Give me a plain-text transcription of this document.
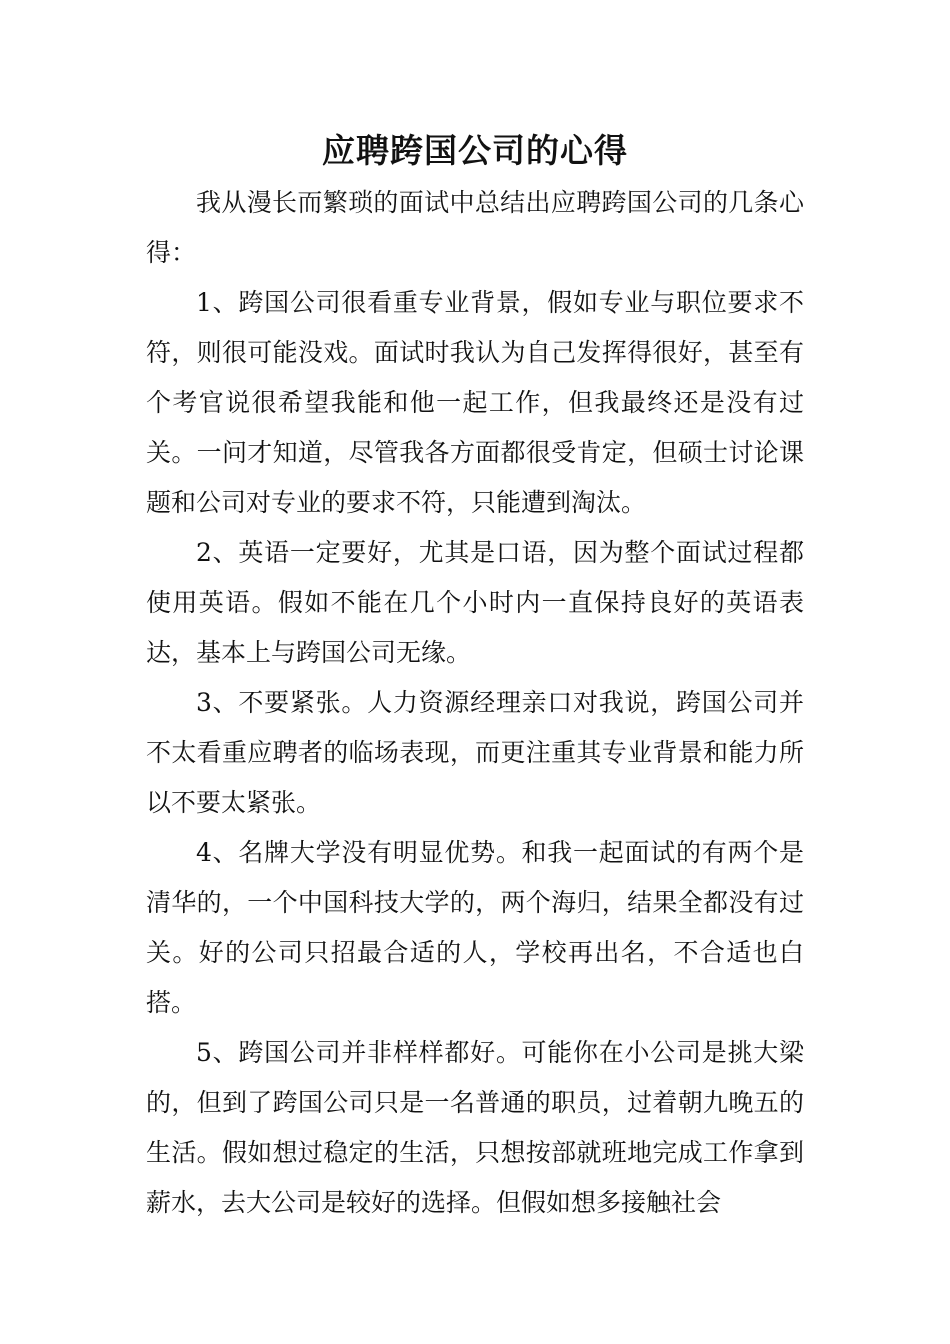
应聘跨国公司的心得

我从漫长而繁琐的面试中总结出应聘跨国公司的几条心得：

1、跨国公司很看重专业背景，假如专业与职位要求不符，则很可能没戏。面试时我认为自己发挥得很好，甚至有个考官说很希望我能和他一起工作，但我最终还是没有过关。一问才知道，尽管我各方面都很受肯定，但硕士讨论课题和公司对专业的要求不符，只能遭到淘汰。

2、英语一定要好，尤其是口语，因为整个面试过程都使用英语。假如不能在几个小时内一直保持良好的英语表达，基本上与跨国公司无缘。

3、不要紧张。人力资源经理亲口对我说，跨国公司并不太看重应聘者的临场表现，而更注重其专业背景和能力所以不要太紧张。

4、名牌大学没有明显优势。和我一起面试的有两个是清华的，一个中国科技大学的，两个海归，结果全都没有过关。好的公司只招最合适的人，学校再出名，不合适也白搭。

5、跨国公司并非样样都好。可能你在小公司是挑大梁的，但到了跨国公司只是一名普通的职员，过着朝九晚五的生活。假如想过稳定的生活，只想按部就班地完成工作拿到薪水，去大公司是较好的选择。但假如想多接触社会
